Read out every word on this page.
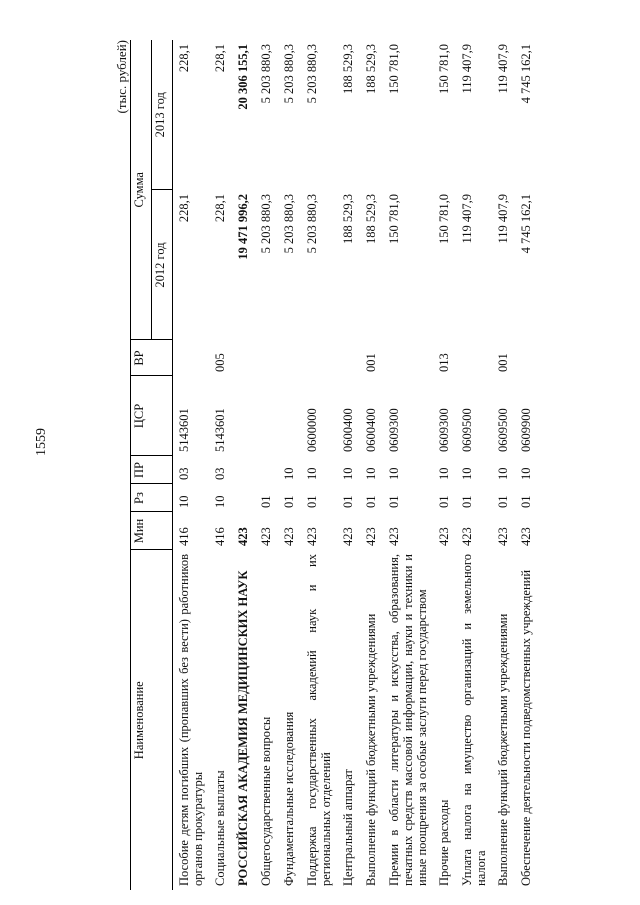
1559
(тыс. рублей)
Наименование	Мин	Рз	ПР	ЦСР	ВР	Сумма	
						2012 год	2013 год
Пособие детям погибших (пропавших без вести) работников органов прокуратуры	416	10	03	5143601		228,1	228,1
Социальные выплаты	416	10	03	5143601	005	228,1	228,1
РОССИЙСКАЯ АКАДЕМИЯ МЕДИЦИНСКИХ НАУК	423					19 471 996,2	20 306 155,1
Общегосударственные вопросы	423	01				5 203 880,3	5 203 880,3
Фундаментальные исследования	423	01	10			5 203 880,3	5 203 880,3
Поддержка государственных академий наук и их региональных отделений	423	01	10	0600000		5 203 880,3	5 203 880,3
Центральный аппарат	423	01	10	0600400		188 529,3	188 529,3
Выполнение функций бюджетными учреждениями	423	01	10	0600400	001	188 529,3	188 529,3
Премии в области литературы и искусства, образования, печатных средств массовой информации, науки и техники и иные поощрения за особые заслуги перед государством	423	01	10	0609300		150 781,0	150 781,0
Прочие расходы	423	01	10	0609300	013	150 781,0	150 781,0
Уплата налога на имущество организаций и земельного налога	423	01	10	0609500		119 407,9	119 407,9
Выполнение функций бюджетными учреждениями	423	01	10	0609500	001	119 407,9	119 407,9
Обеспечение деятельности подведомственных учреждений	423	01	10	0609900		4 745 162,1	4 745 162,1
